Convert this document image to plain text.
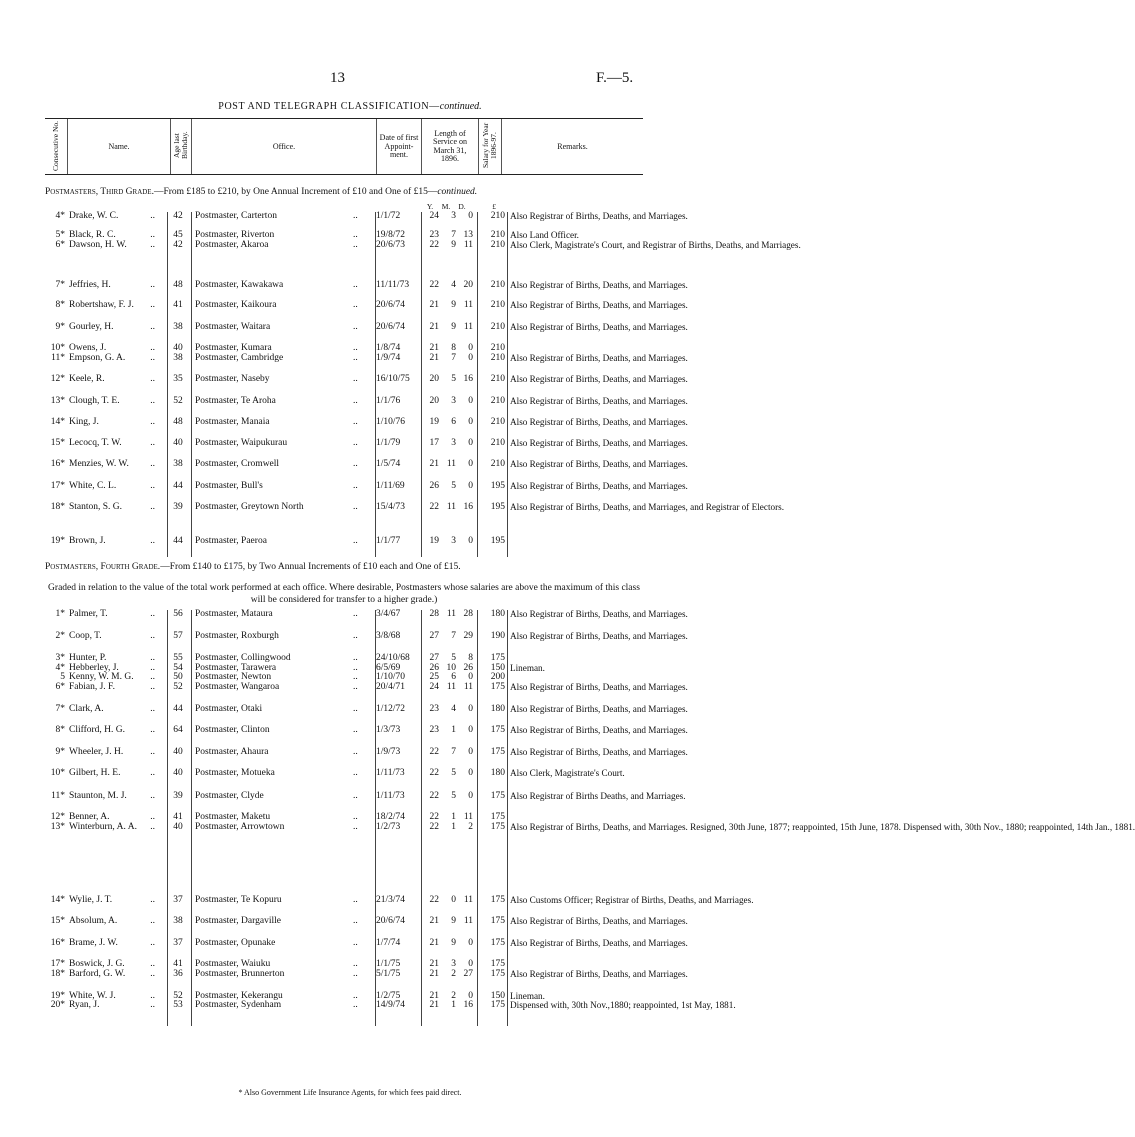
13	F.—5.
POST AND TELEGRAPH CLASSIFICATION—continued.
Consecutive No.	Name.	Age last Birthday.	Office.	Date of first Appoint-ment.	Length of Service on March 31, 1896.	Salary for Year 1896-97.	Remarks.
Postmasters, Third Grade.—From £185 to £210, by One Annual Increment of £10 and One of £15—continued.
Y. M. D.	£
4* Drake, W. C.	..	42	Postmaster, Carterton	.. 1/1/72	24 3 0	210 Also Registrar of Births, Deaths, and Marriages.
5* Black, R. C.	..	45	Postmaster, Riverton	.. 19/8/72	23 7 13	210 Also Land Officer.
6* Dawson, H. W. ..	42	Postmaster, Akaroa	.. 20/6/73	22 9 11	210 Also Clerk, Magistrate's Court, and Registrar of Births, Deaths, and Marriages.
7* Jeffries, H.	..	48	Postmaster, Kawakawa	.. 11/11/73	22 4 20	210 Also Registrar of Births, Deaths, and Marriages.
8* Robertshaw, F. J. ..	41	Postmaster, Kaikoura	.. 20/6/74	21 9 11	210 Also Registrar of Births, Deaths, and Marriages.
9* Gourley, H.	..	38	Postmaster, Waitara	.. 20/6/74	21 9 11	210 Also Registrar of Births, Deaths, and Marriages.
10* Owens, J.	..	40	Postmaster, Kumara	.. 1/8/74	21 8 0	210
11* Empson, G. A.	..	38	Postmaster, Cambridge	.. 1/9/74	21 7 0	210 Also Registrar of Births, Deaths, and Marriages.
12* Keele, R.	..	35	Postmaster, Naseby	.. 16/10/75	20 5 16	210 Also Registrar of Births, Deaths, and Marriages.
13* Clough, T. E.	..	52	Postmaster, Te Aroha	.. 1/1/76	20 3 0	210 Also Registrar of Births, Deaths, and Marriages.
14* King, J.	..	48	Postmaster, Manaia	.. 1/10/76	19 6 0	210 Also Registrar of Births, Deaths, and Marriages.
15* Lecocq, T. W.	..	40	Postmaster, Waipukurau	.. 1/1/79	17 3 0	210 Also Registrar of Births, Deaths, and Marriages.
16* Menzies, W. W. ..	38	Postmaster, Cromwell	.. 1/5/74	21 11 0	210 Also Registrar of Births, Deaths, and Marriages.
17* White, C. L.	..	44	Postmaster, Bull's	.. 1/11/69	26 5 0	195 Also Registrar of Births, Deaths, and Marriages.
18* Stanton, S. G.	..	39	Postmaster, Greytown North	.. 15/4/73	22 11 16	195 Also Registrar of Births, Deaths, and Marriages, and Registrar of Electors.
19* Brown, J.	..	44	Postmaster, Paeroa	.. 1/1/77	19 3 0	195
Postmasters, Fourth Grade.—From £140 to £175, by Two Annual Increments of £10 each and One of £15.
Graded in relation to the value of the total work performed at each office. Where desirable, Postmasters whose salaries are above the maximum of this class will be considered for transfer to a higher grade.)
1* Palmer, T.	..	56	Postmaster, Mataura	.. 3/4/67	28 11 28	180 Also Registrar of Births, Deaths, and Marriages.
2* Coop, T.	..	57	Postmaster, Roxburgh	.. 3/8/68	27 7 29	190 Also Registrar of Births, Deaths, and Marriages.
3* Hunter, P.	..	55	Postmaster, Collingwood	.. 24/10/68	27 5 8	175
4* Hebberley, J.	..	54	Postmaster, Tarawera	.. 6/5/69	26 10 26	150 Lineman.
5 Kenny, W. M. G. ..	50	Postmaster, Newton	.. 1/10/70	25 6 0	200
6* Fabian, J. F.	..	52	Postmaster, Wangaroa	.. 20/4/71	24 11 11	175 Also Registrar of Births, Deaths, and Marriages.
7* Clark, A.	..	44	Postmaster, Otaki	.. 1/12/72	23 4 0	180 Also Registrar of Births, Deaths, and Marriages.
8* Clifford, H. G.	..	64	Postmaster, Clinton	.. 1/3/73	23 1 0	175 Also Registrar of Births, Deaths, and Marriages.
9* Wheeler, J. H.	..	40	Postmaster, Ahaura	.. 1/9/73	22 7 0	175 Also Registrar of Births, Deaths, and Marriages.
10* Gilbert, H. E.	..	40	Postmaster, Motueka	.. 1/11/73	22 5 0	180 Also Clerk, Magistrate's Court.
11* Staunton, M. J. ..	39	Postmaster, Clyde	.. 1/11/73	22 5 0	175 Also Registrar of Births Deaths, and Marriages.
12* Benner, A.	..	41	Postmaster, Maketu	.. 18/2/74	22 1 11	175
13* Winterburn, A. A. ..	40	Postmaster, Arrowtown	.. 1/2/73	22 1 2	175 Also Registrar of Births, Deaths, and Marriages. Resigned, 30th June, 1877; reappointed, 15th June, 1878. Dispensed with, 30th Nov., 1880; reappointed, 14th Jan., 1881.
14* Wylie, J. T.	..	37	Postmaster, Te Kopuru	.. 21/3/74	22 0 11	175 Also Customs Officer; Registrar of Births, Deaths, and Marriages.
15* Absolum, A.	..	38	Postmaster, Dargaville	.. 20/6/74	21 9 11	175 Also Registrar of Births, Deaths, and Marriages.
16* Brame, J. W.	..	37	Postmaster, Opunake	.. 1/7/74	21 9 0	175 Also Registrar of Births, Deaths, and Marriages.
17* Boswick, J. G.	..	41	Postmaster, Waiuku	.. 1/1/75	21 3 0	175
18* Barford, G. W.	..	36	Postmaster, Brunnerton	.. 5/1/75	21 2 27	175 Also Registrar of Births, Deaths, and Marriages.
19* White, W. J.	..	52	Postmaster, Kekerangu	.. 1/2/75	21 2 0	150 Lineman.
20* Ryan, J.	..	53	Postmaster, Sydenham	.. 14/9/74	21 1 16	175 Dispensed with, 30th Nov.,1880; reappointed, 1st May, 1881.
* Also Government Life Insurance Agents, for which fees paid direct.
